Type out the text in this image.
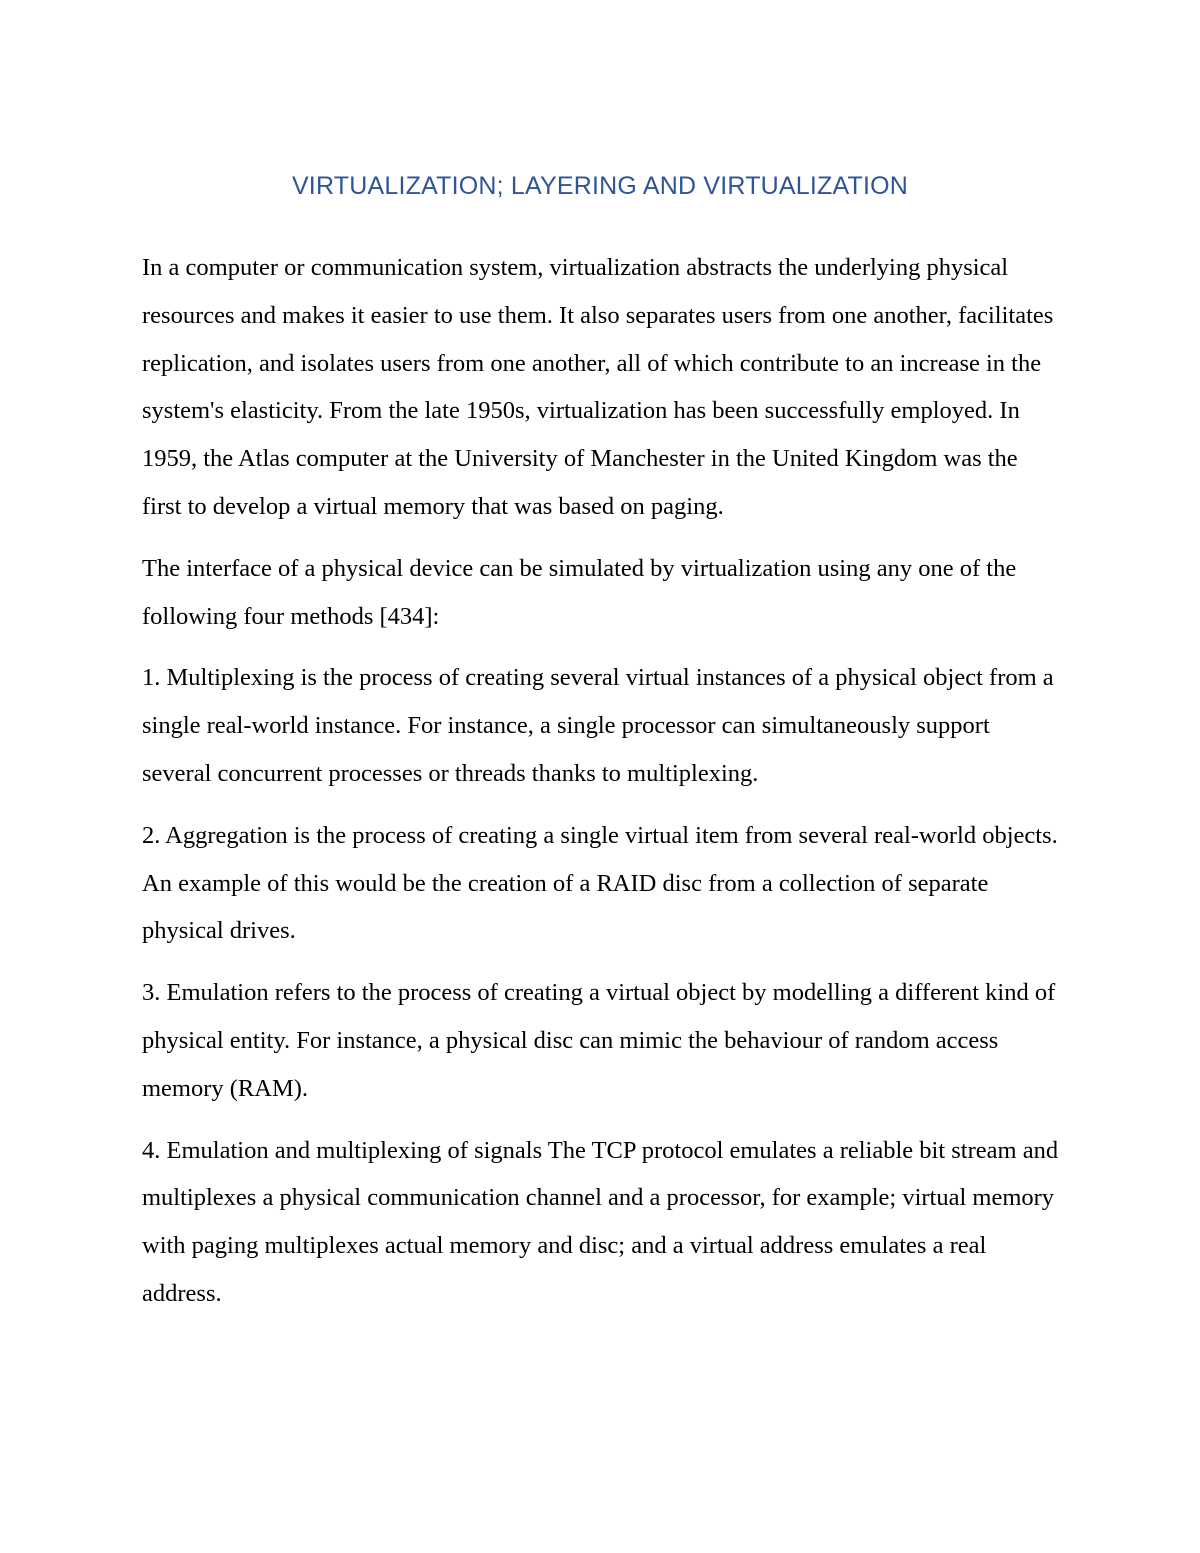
VIRTUALIZATION; LAYERING AND VIRTUALIZATION

In a computer or communication system, virtualization abstracts the underlying physical resources and makes it easier to use them. It also separates users from one another, facilitates replication, and isolates users from one another, all of which contribute to an increase in the system's elasticity. From the late 1950s, virtualization has been successfully employed. In 1959, the Atlas computer at the University of Manchester in the United Kingdom was the first to develop a virtual memory that was based on paging.

The interface of a physical device can be simulated by virtualization using any one of the following four methods [434]:

1. Multiplexing is the process of creating several virtual instances of a physical object from a single real-world instance. For instance, a single processor can simultaneously support several concurrent processes or threads thanks to multiplexing.

2. Aggregation is the process of creating a single virtual item from several real-world objects. An example of this would be the creation of a RAID disc from a collection of separate physical drives.

3. Emulation refers to the process of creating a virtual object by modelling a different kind of physical entity. For instance, a physical disc can mimic the behaviour of random access memory (RAM).

4. Emulation and multiplexing of signals The TCP protocol emulates a reliable bit stream and multiplexes a physical communication channel and a processor, for example; virtual memory with paging multiplexes actual memory and disc; and a virtual address emulates a real address.
